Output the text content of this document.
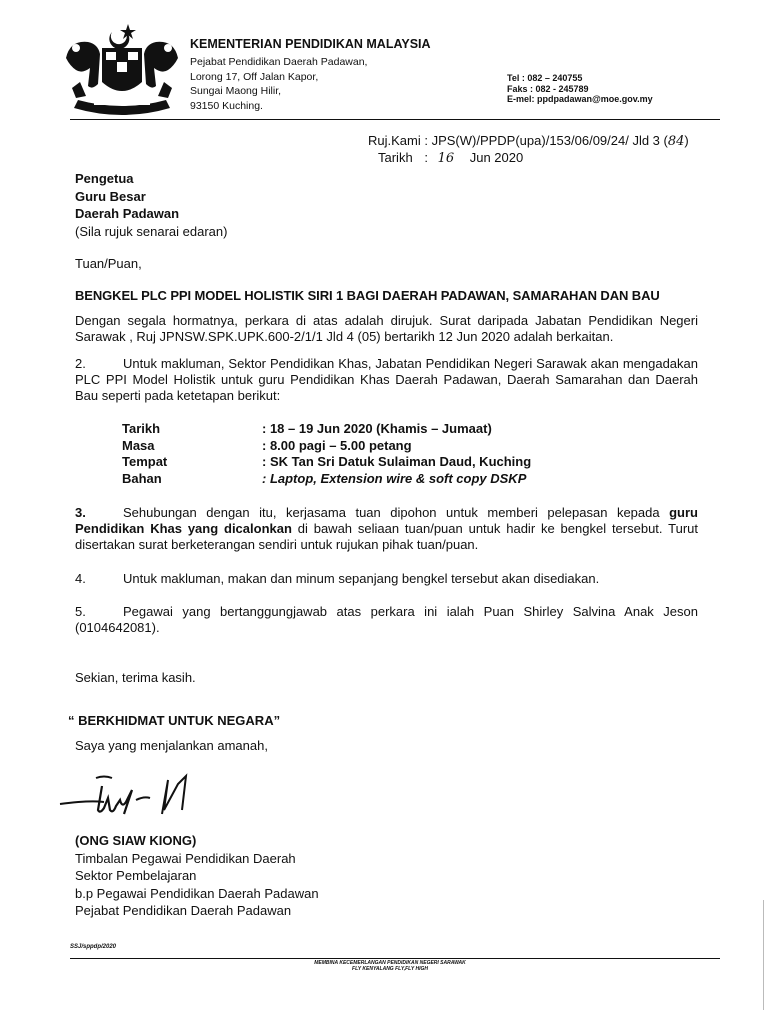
KEMENTERIAN PENDIDIKAN MALAYSIA
Pejabat Pendidikan Daerah Padawan,
Lorong 17, Off Jalan Kapor,
Sungai Maong Hilir,
93150 Kuching.
Tel : 082 – 240755
Faks : 082 - 245789
E-mel: ppdpadawan@moe.gov.my
Ruj.Kami : JPS(W)/PPDP(upa)/153/06/09/24/ Jld 3 (84)
Tarikh : 16 Jun 2020
Pengetua
Guru Besar
Daerah Padawan
(Sila rujuk senarai edaran)
Tuan/Puan,
BENGKEL PLC PPI MODEL HOLISTIK SIRI 1 BAGI DAERAH PADAWAN, SAMARAHAN DAN BAU
Dengan segala hormatnya, perkara di atas adalah dirujuk. Surat daripada Jabatan Pendidikan Negeri Sarawak , Ruj JPNSW.SPK.UPK.600-2/1/1 Jld 4 (05) bertarikh 12 Jun 2020 adalah berkaitan.
2.	Untuk makluman, Sektor Pendidikan Khas, Jabatan Pendidikan Negeri Sarawak akan mengadakan PLC PPI Model Holistik untuk guru Pendidikan Khas Daerah Padawan, Daerah Samarahan dan Daerah Bau seperti pada ketetapan berikut:
Tarikh	: 18 – 19 Jun 2020 (Khamis – Jumaat)
Masa	: 8.00 pagi – 5.00 petang
Tempat	: SK Tan Sri Datuk Sulaiman Daud, Kuching
Bahan	: Laptop, Extension wire & soft copy DSKP
3.	Sehubungan dengan itu, kerjasama tuan dipohon untuk memberi pelepasan kepada guru Pendidikan Khas yang dicalonkan di bawah seliaan tuan/puan untuk hadir ke bengkel tersebut. Turut disertakan surat berketerangan sendiri untuk rujukan pihak tuan/puan.
4.	Untuk makluman, makan dan minum sepanjang bengkel tersebut akan disediakan.
5.	Pegawai yang bertanggungjawab atas perkara ini ialah Puan Shirley Salvina Anak Jeson (0104642081).
Sekian, terima kasih.
“ BERKHIDMAT UNTUK NEGARA”
Saya yang menjalankan amanah,
(ONG SIAW KIONG)
Timbalan Pegawai Pendidikan Daerah
Sektor Pembelajaran
b.p Pegawai Pendidikan Daerah Padawan
Pejabat Pendidikan Daerah Padawan
SSJ/sppdp/2020
MEMBINA KECEMERLANGAN PENDIDIKAN NEGERI SARAWAK
FLY KENYALANG FLY,FLY HIGH
